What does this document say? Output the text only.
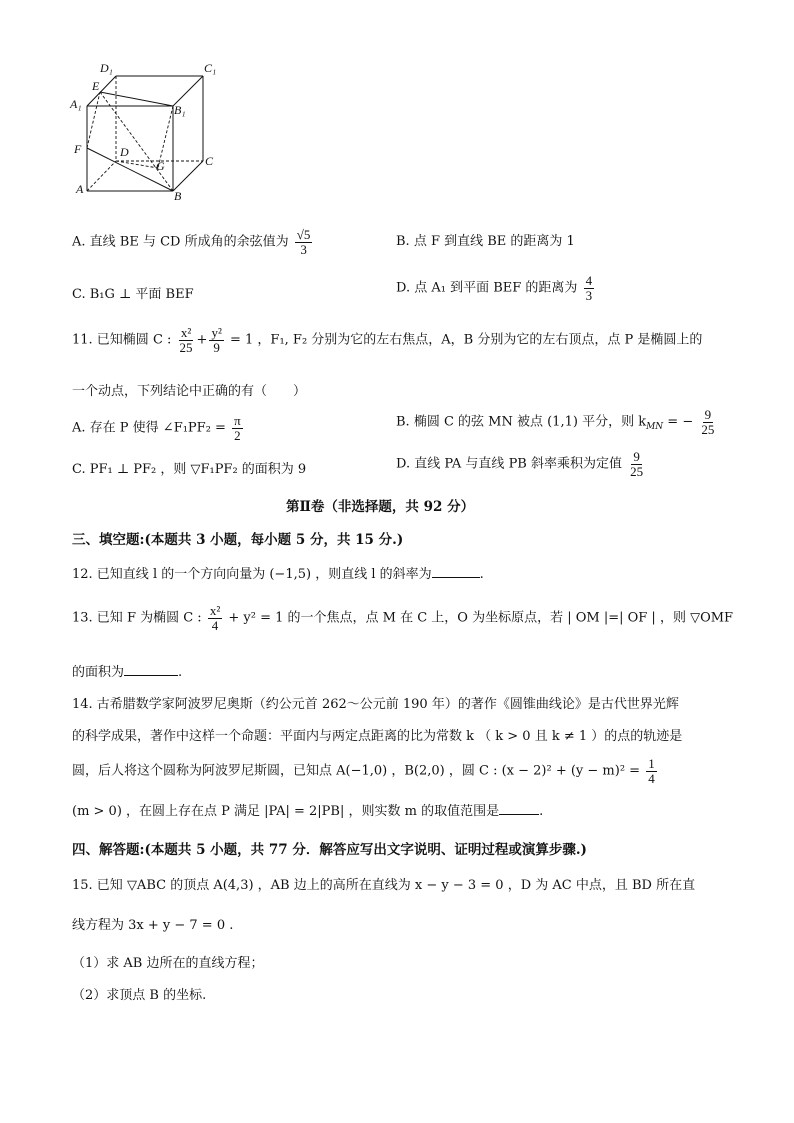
D₁	C₁
E
A₁	B₁
F	D
G	C
A	B
A. 直线 BE 与 CD 所成角的余弦值为 $\frac{√5}{3}$	B. 点 F 到直线 BE 的距离为 1
C. B₁G ⊥ 平面 BEF	D. 点 A₁ 到平面 BEF 的距离为 $\frac{4}{3}$
11. 已知椭圆 C : $\frac{\text{x²}}{25} + \frac{\text{y²}}{9} = 1$ ，F₁, F₂ 分别为它的左右焦点，A，B 分别为它的左右顶点，点 P 是椭圆上的
一个动点，下列结论中正确的有（　　）
A. 存在 P 使得 ∠F₁PF₂ = $\frac{\pi}{2}$	B. 椭圆 C 的弦 MN 被点 (1,1) 平分，则 $k_{MN}$ = − $\frac{9}{25}$
C. PF₁ ⊥ PF₂ ，则 ▽F₁PF₂ 的面积为 9	D. 直线 PA 与直线 PB 斜率乘积为定值 $\frac{9}{25}$
第Ⅱ卷（非选择题，共 92 分）
三、填空题:(本题共 3 小题，每小题 5 分，共 15 分.)
12. 已知直线 l 的一个方向向量为 (−1,5) ，则直线 l 的斜率为	.
13. 已知 F 为椭圆 C : $\frac{\text{x²}}{4} + y^2 = 1$ 的一个焦点，点 M 在 C 上，O 为坐标原点，若 | OM |=| OF | ，则 ▽OMF
的面积为	.
14. 古希腊数学家阿波罗尼奥斯（约公元首 262～公元前 190 年）的著作《圆锥曲线论》是古代世界光辉
的科学成果，著作中这样一个命题：平面内与两定点距离的比为常数 k （ k > 0 且 k ≠ 1 ）的点的轨迹是
圆，后人将这个圆称为阿波罗尼斯圆，已知点 A(−1,0) ，B(2,0) ，圆 C : $(x - 2)^2 + (y - m)^2 = \frac{1}{4}$
(m > 0) ，在圆上存在点 P 满足 |PA| = 2|PB| ，则实数 m 的取值范围是	.
四、解答题:(本题共 5 小题，共 77 分．解答应写出文字说明、证明过程或演算步骤.)
15. 已知 ▽ABC 的顶点 A(4,3) ，AB 边上的高所在直线为 x − y − 3 = 0 ，D 为 AC 中点，且 BD 所在直
线方程为 3x + y − 7 = 0 .
（1）求 AB 边所在的直线方程；
（2）求顶点 B 的坐标.
